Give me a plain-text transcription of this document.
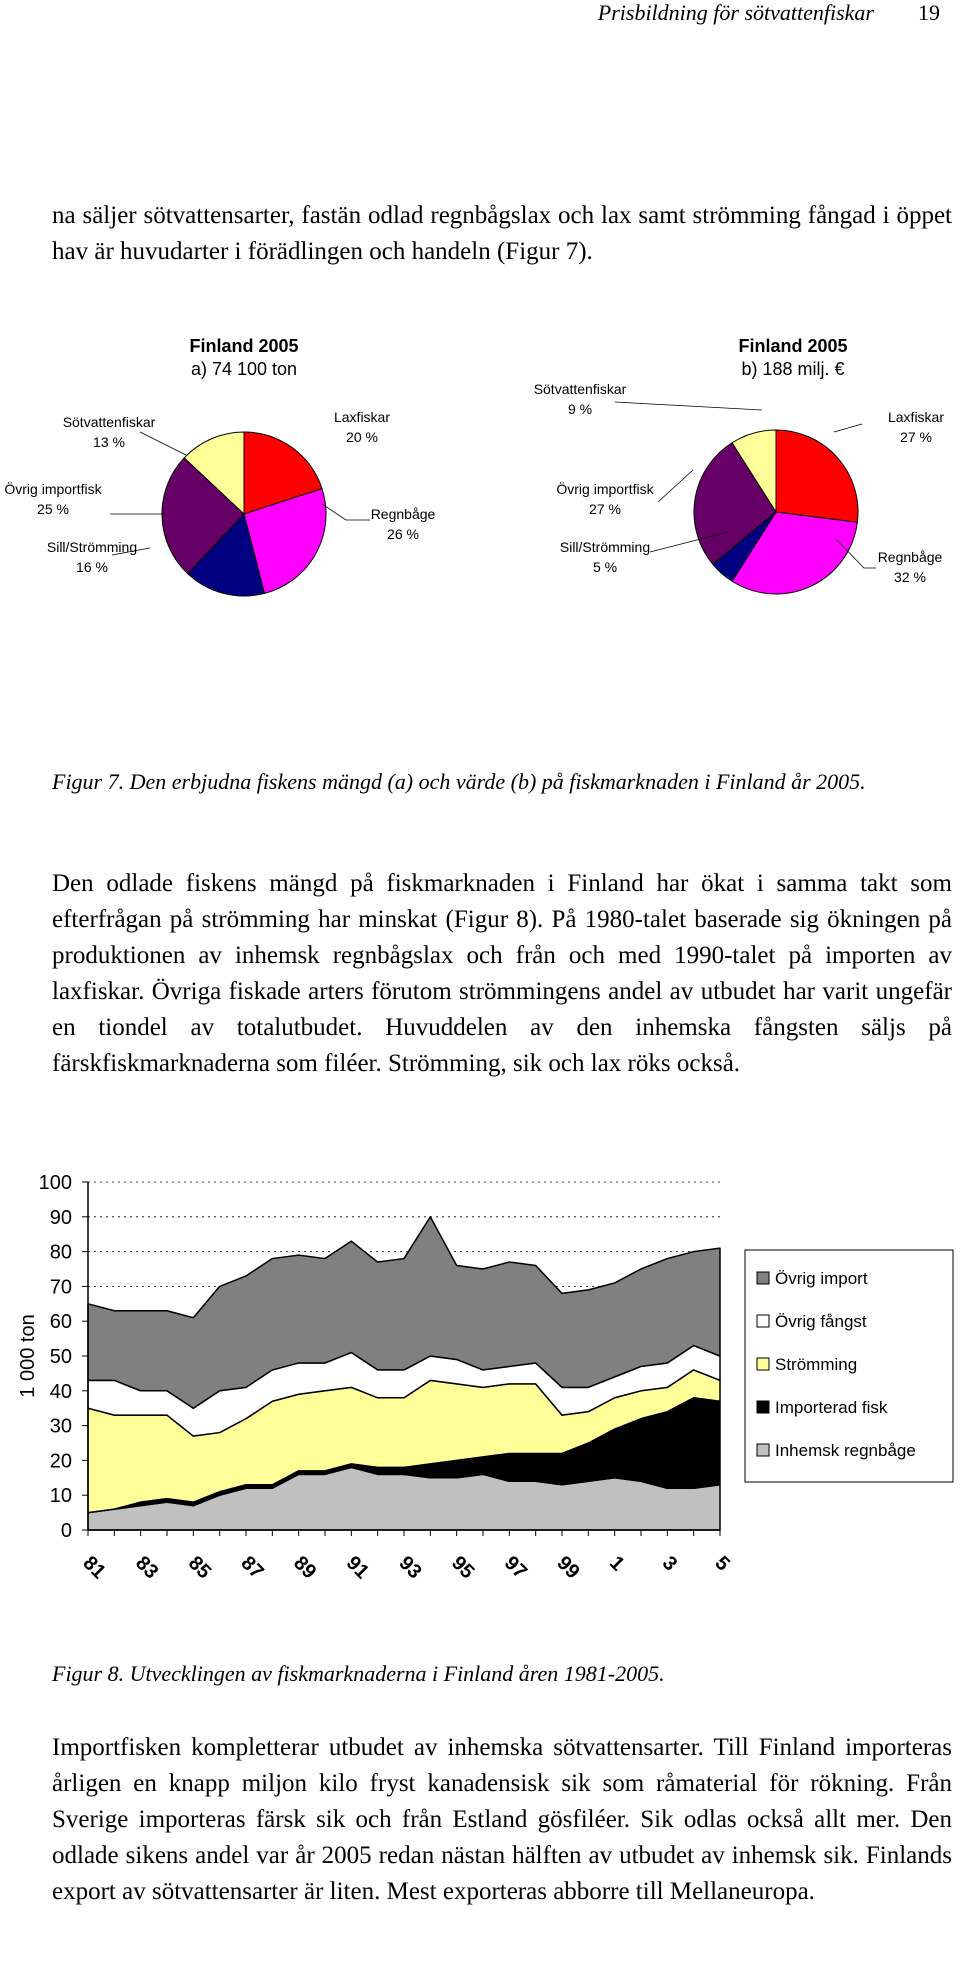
Prisbildning för sötvattenfiskar 19

na säljer sötvattensarter, fastän odlad regnbågslax och lax samt strömming fångad i öppet hav är huvudarter i förädlingen och handeln (Figur 7).

Finland 2005
a) 74 100 ton
Sötvattenfiskar
13 %
Laxfiskar
20 %
Övrig importfisk
25 %	Regnbåge
26 %
Sill/Strömming
16 %
Finland 2005
b) 188 milj. €
Sötvattenfiskar
9 %	Laxfiskar
27 %
Övrig importfisk
27 %
Sill/Strömming
5 %
Regnbåge
32 %

Figur 7. Den erbjudna fiskens mängd (a) och värde (b) på fiskmarknaden i Finland år 2005.

Den odlade fiskens mängd på fiskmarknaden i Finland har ökat i samma takt som efterfrågan på strömming har minskat (Figur 8). På 1980-talet baserade sig ökningen på produktionen av inhemsk regnbågslax och från och med 1990-talet på importen av laxfiskar. Övriga fiskade arters förutom strömmingens andel av utbudet har varit ungefär en tiondel av totalutbudet. Huvuddelen av den inhemska fångsten säljs på färskfiskmarknaderna som filéer. Strömming, sik och lax röks också.

0
10
20
30
40
50
60
70
80
90
100
81 83 85 87 89 91 93 95 97 99 1 3 5
1 000 ton
Övrig import
Övrig fångst
Strömming
Importerad fisk
Inhemsk regnbåge

Figur 8. Utvecklingen av fiskmarknaderna i Finland åren 1981-2005.

Importfisken kompletterar utbudet av inhemska sötvattensarter. Till Finland importeras årligen en knapp miljon kilo fryst kanadensisk sik som råmaterial för rökning. Från Sverige importeras färsk sik och från Estland gösfiléer. Sik odlas också allt mer. Den odlade sikens andel var år 2005 redan nästan hälften av utbudet av inhemsk sik. Finlands export av sötvattensarter är liten. Mest exporteras abborre till Mellaneuropa.
